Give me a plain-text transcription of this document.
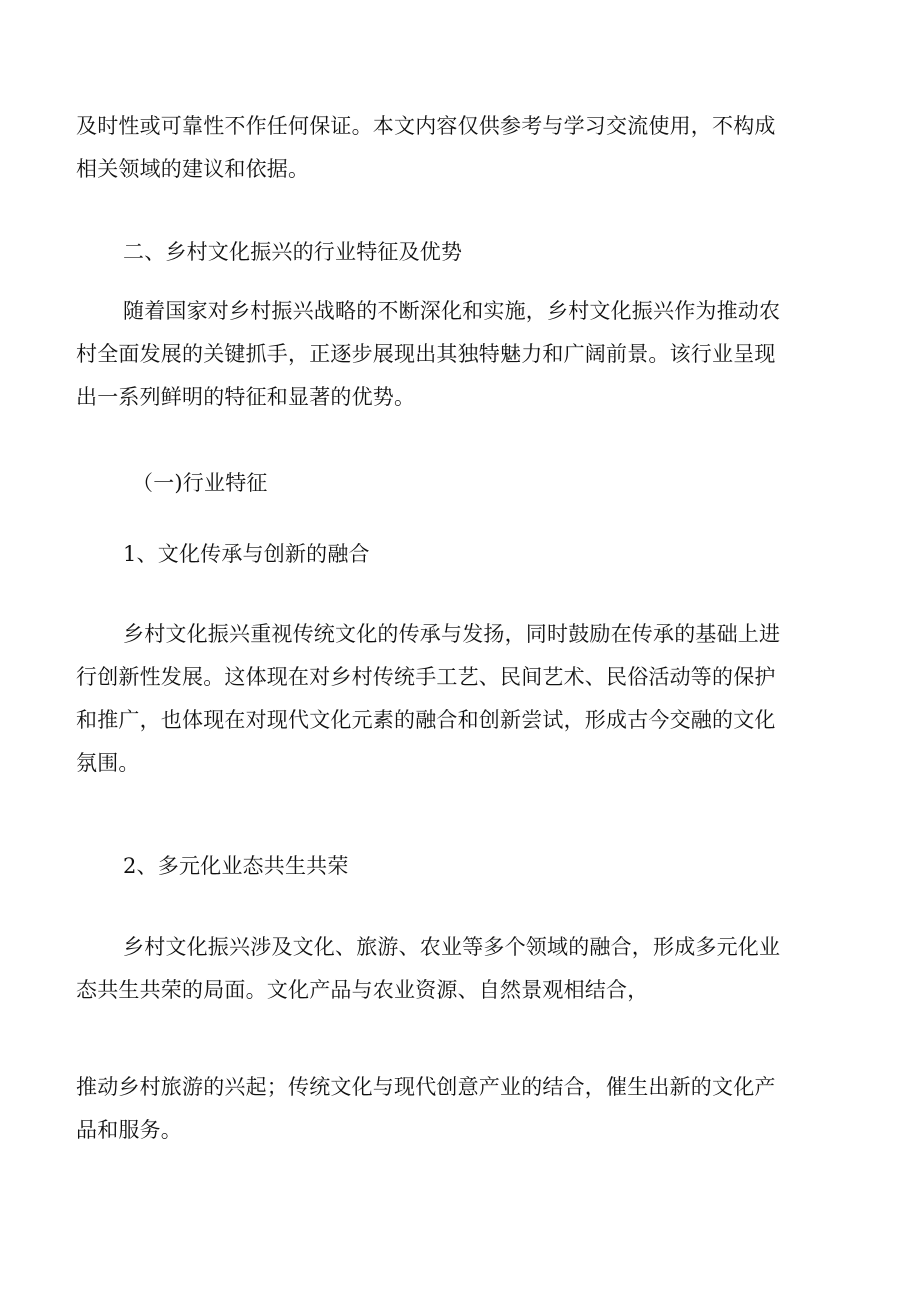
及时性或可靠性不作任何保证。本文内容仅供参考与学习交流使用，不构成
相关领域的建议和依据。

二、乡村文化振兴的行业特征及优势

随着国家对乡村振兴战略的不断深化和实施，乡村文化振兴作为推动农
村全面发展的关键抓手，正逐步展现出其独特魅力和广阔前景。该行业呈现
出一系列鲜明的特征和显著的优势。

（一)行业特征

1、文化传承与创新的融合

乡村文化振兴重视传统文化的传承与发扬，同时鼓励在传承的基础上进
行创新性发展。这体现在对乡村传统手工艺、民间艺术、民俗活动等的保护
和推广，也体现在对现代文化元素的融合和创新尝试，形成古今交融的文化
氛围。

2、多元化业态共生共荣

乡村文化振兴涉及文化、旅游、农业等多个领域的融合，形成多元化业
态共生共荣的局面。文化产品与农业资源、自然景观相结合，

推动乡村旅游的兴起；传统文化与现代创意产业的结合，催生出新的文化产
品和服务。
